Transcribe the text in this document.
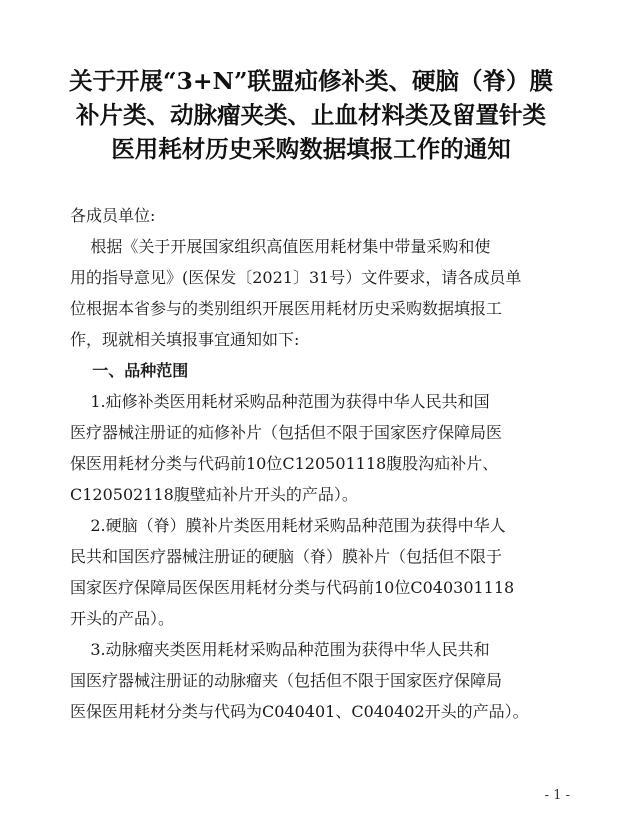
关于开展“3+N”联盟疝修补类、硬脑（脊）膜
补片类、动脉瘤夹类、止血材料类及留置针类
医用耗材历史采购数据填报工作的通知
各成员单位:
根据《关于开展国家组织高值医用耗材集中带量采购和使
用的指导意见》(医保发〔2021〕31号）文件要求，请各成员单
位根据本省参与的类别组织开展医用耗材历史采购数据填报工
作，现就相关填报事宜通知如下:
一、品种范围
1.疝修补类医用耗材采购品种范围为获得中华人民共和国
医疗器械注册证的疝修补片（包括但不限于国家医疗保障局医
保医用耗材分类与代码前10位C120501118腹股沟疝补片、
C120502118腹壁疝补片开头的产品）。
2.硬脑（脊）膜补片类医用耗材采购品种范围为获得中华人
民共和国医疗器械注册证的硬脑（脊）膜补片（包括但不限于
国家医疗保障局医保医用耗材分类与代码前10位C040301118
开头的产品）。
3.动脉瘤夹类医用耗材采购品种范围为获得中华人民共和
国医疗器械注册证的动脉瘤夹（包括但不限于国家医疗保障局
医保医用耗材分类与代码为C040401、C040402开头的产品）。
- 1 -
